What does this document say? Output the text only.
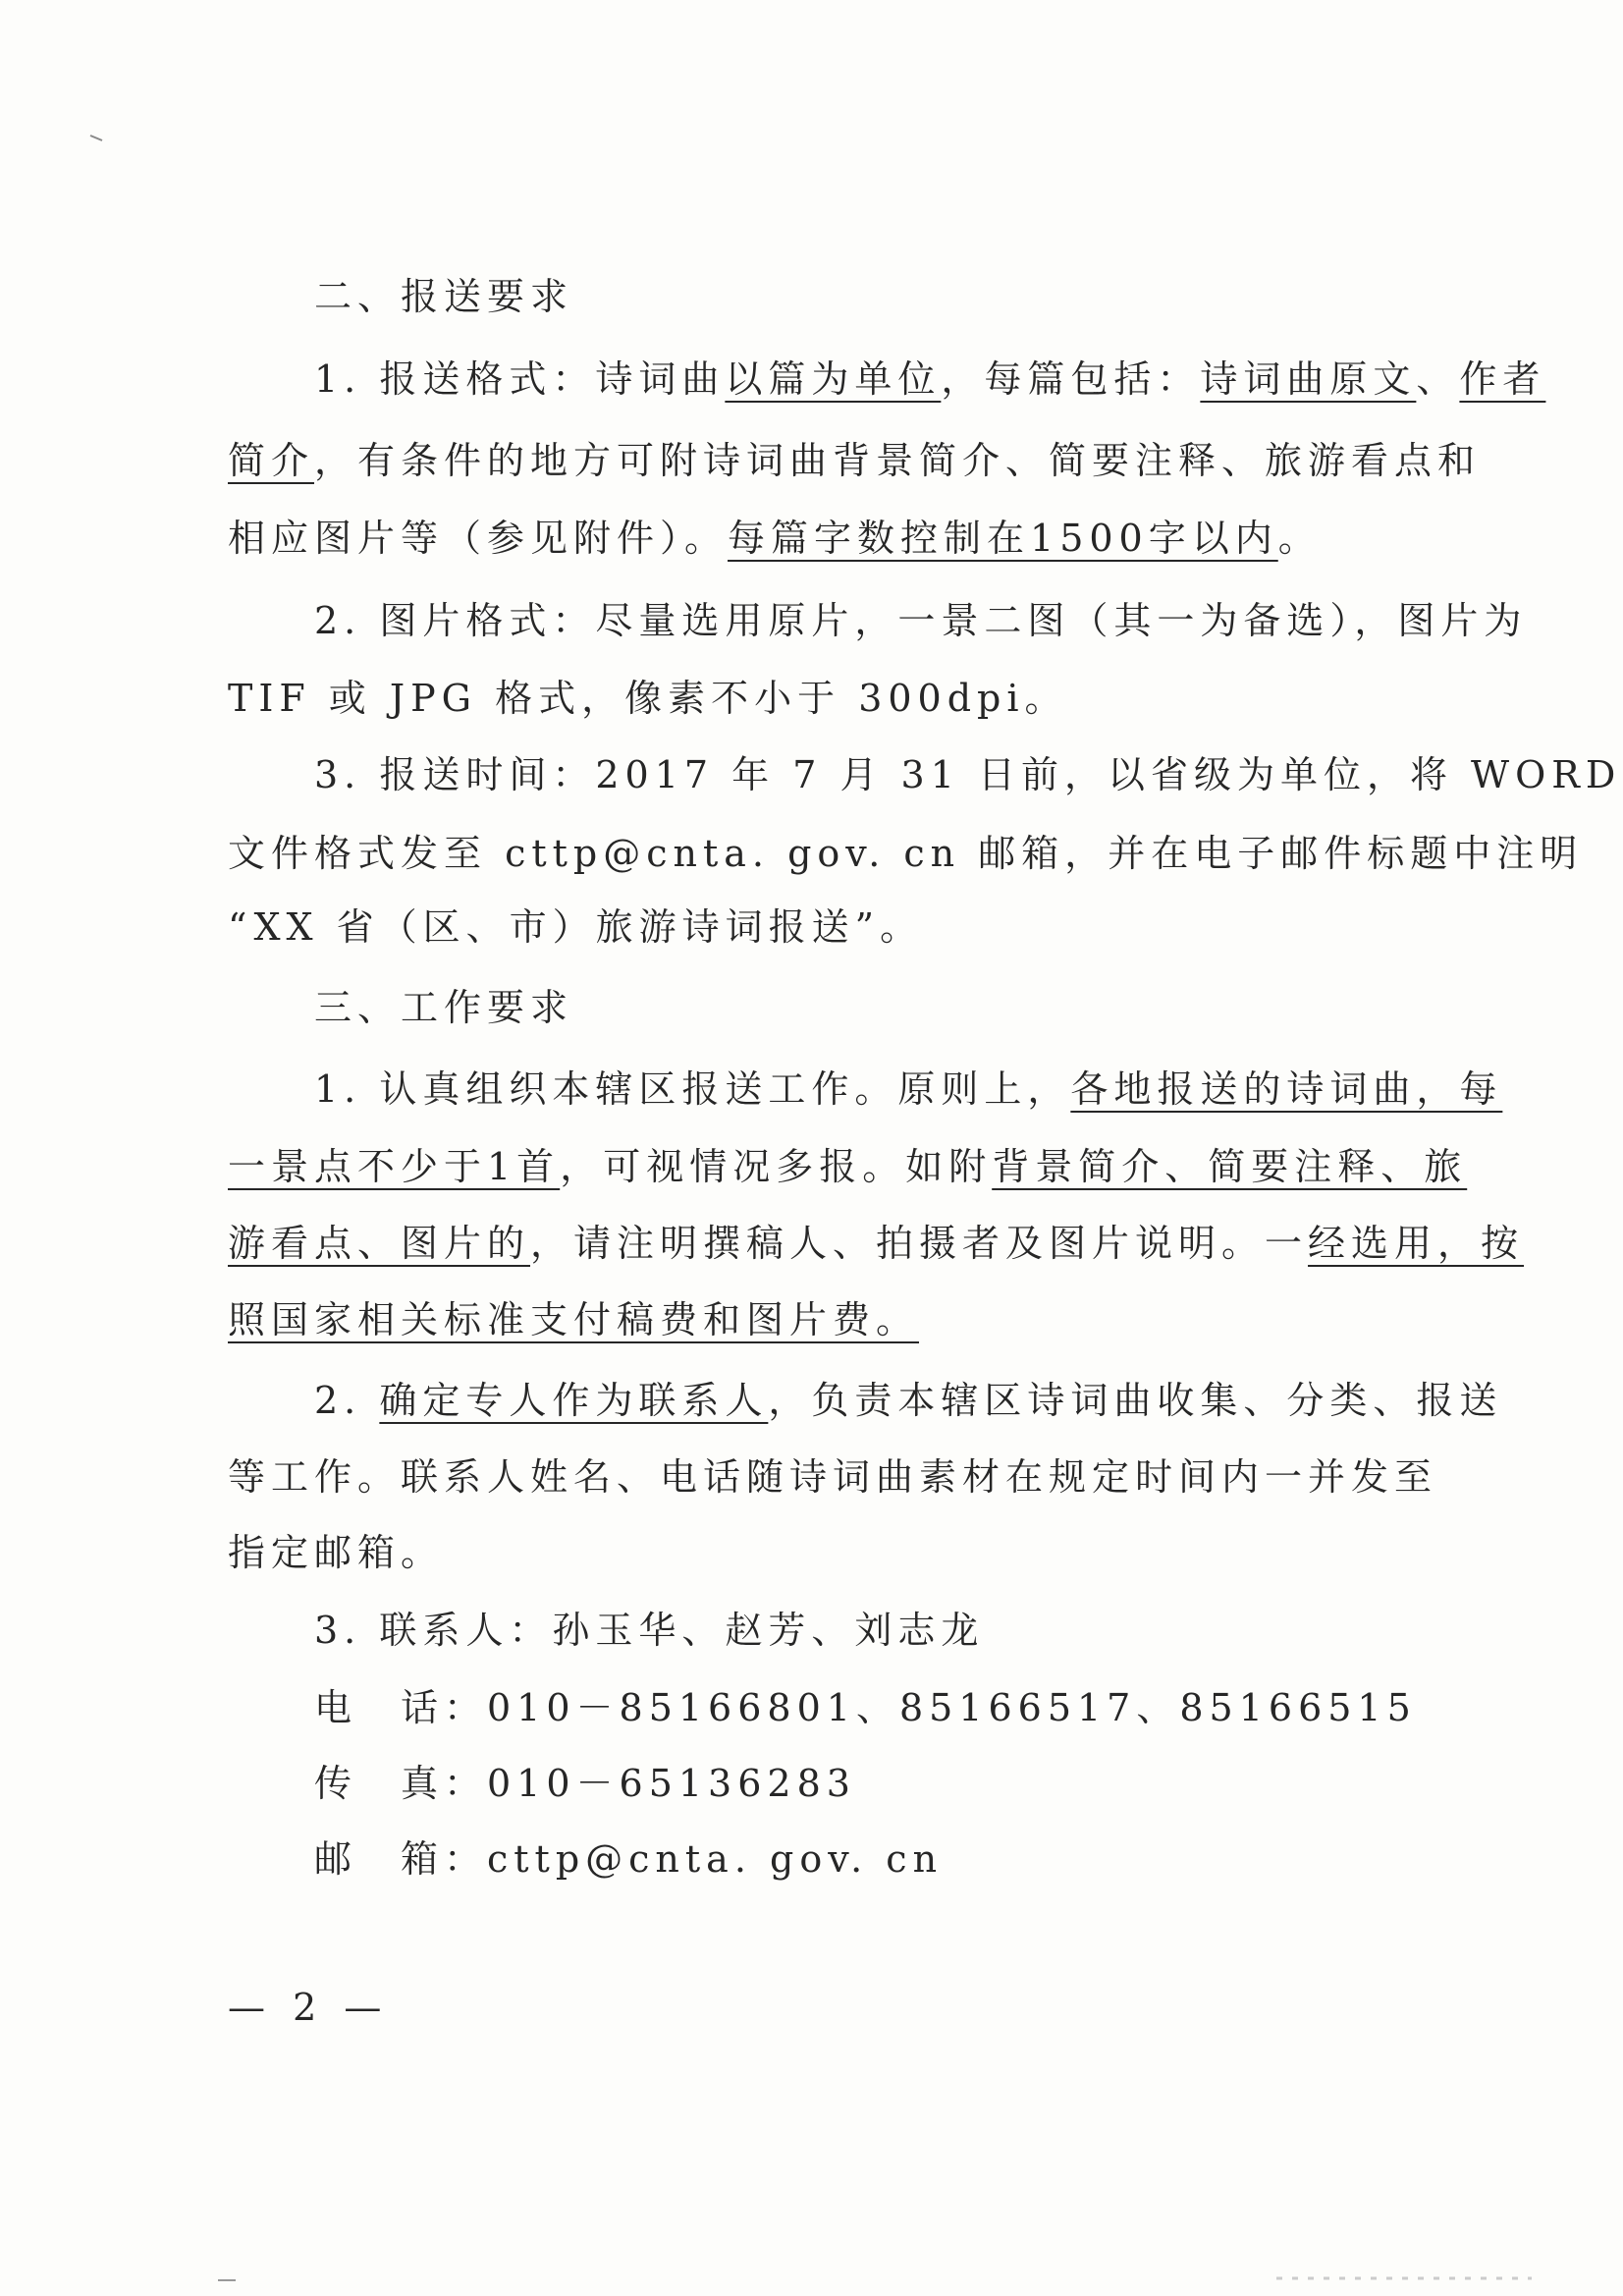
二、报送要求
1. 报送格式：诗词曲以篇为单位，每篇包括：诗词曲原文、作者
简介，有条件的地方可附诗词曲背景简介、简要注释、旅游看点和
相应图片等（参见附件）。每篇字数控制在1500字以内。
2. 图片格式：尽量选用原片，一景二图（其一为备选），图片为
TIF 或 JPG 格式，像素不小于 300dpi。
3. 报送时间：2017 年 7 月 31 日前，以省级为单位，将 WORD
文件格式发至 cttp@cnta. gov. cn 邮箱，并在电子邮件标题中注明
“XX 省（区、市）旅游诗词报送”。
三、工作要求
1. 认真组织本辖区报送工作。原则上，各地报送的诗词曲，每
一景点不少于1首，可视情况多报。如附背景简介、简要注释、旅
游看点、图片的，请注明撰稿人、拍摄者及图片说明。一经选用，按
照国家相关标准支付稿费和图片费。
2. 确定专人作为联系人，负责本辖区诗词曲收集、分类、报送
等工作。联系人姓名、电话随诗词曲素材在规定时间内一并发至
指定邮箱。
3. 联系人：孙玉华、赵芳、刘志龙
电　话：010－85166801、85166517、85166515
传　真：010－65136283
邮　箱：cttp@cnta. gov. cn
— 2 —
